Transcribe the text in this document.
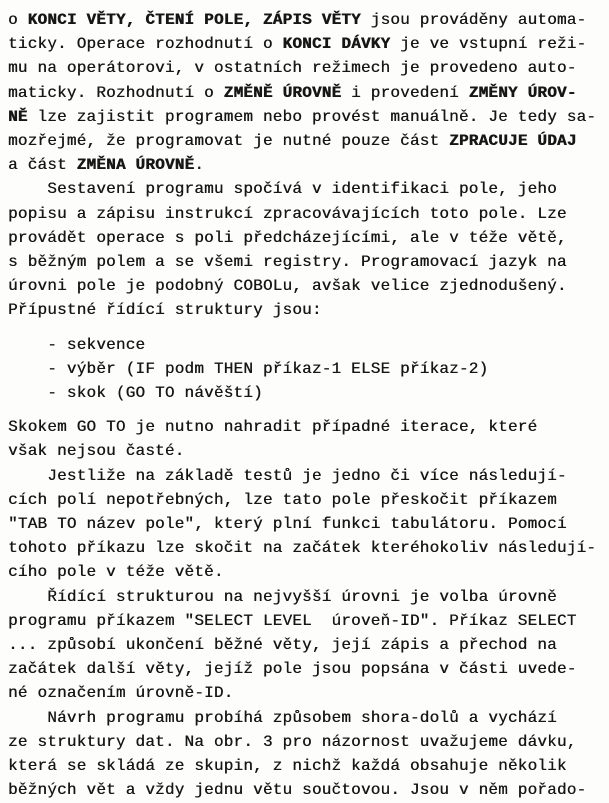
o KONCI VĚTY, ČTENÍ POLE, ZÁPIS VĚTY jsou prováděny automa-
ticky. Operace rozhodnutí o KONCI DÁVKY je ve vstupní reži-
mu na operátorovi, v ostatních režimech je provedeno auto-
maticky. Rozhodnutí o ZMĚNĚ ÚROVNĚ i provedení ZMĚNY ÚROV-
NĚ lze zajistit programem nebo provést manuálně. Je tedy sa-
mozřejmé, že programovat je nutné pouze část ZPRACUJE ÚDAJ
a část ZMĚNA ÚROVNĚ.
Sestavení programu spočívá v identifikaci pole, jeho
popisu a zápisu instrukcí zpracovávajících toto pole. Lze
provádět operace s poli předcházejícími, ale v téže větě,
s běžným polem a se všemi registry. Programovací jazyk na
úrovni pole je podobný COBOLu, avšak velice zjednodušený.
Přípustné řídící struktury jsou:
- sekvence
- výběr (IF podm THEN příkaz-1 ELSE příkaz-2)
- skok (GO TO návěští)
Skokem GO TO je nutno nahradit případné iterace, které
však nejsou časté.
Jestliže na základě testů je jedno či více následují-
cích polí nepotřebných, lze tato pole přeskočit příkazem
"TAB TO název pole", který plní funkci tabulátoru. Pomocí
tohoto příkazu lze skočit na začátek kteréhokoliv následují-
cího pole v téže větě.
Řídící strukturou na nejvyšší úrovni je volba úrovně
programu příkazem "SELECT LEVEL  úroveň-ID". Příkaz SELECT
... způsobí ukončení běžné věty, její zápis a přechod na
začátek další věty, jejíž pole jsou popsána v části uvede-
né označením úrovně-ID.
Návrh programu probíhá způsobem shora-dolů a vychází
ze struktury dat. Na obr. 3 pro názornost uvažujeme dávku,
která se skládá ze skupin, z nichž každá obsahuje několik
běžných vět a vždy jednu větu součtovou. Jsou v něm pořado-
